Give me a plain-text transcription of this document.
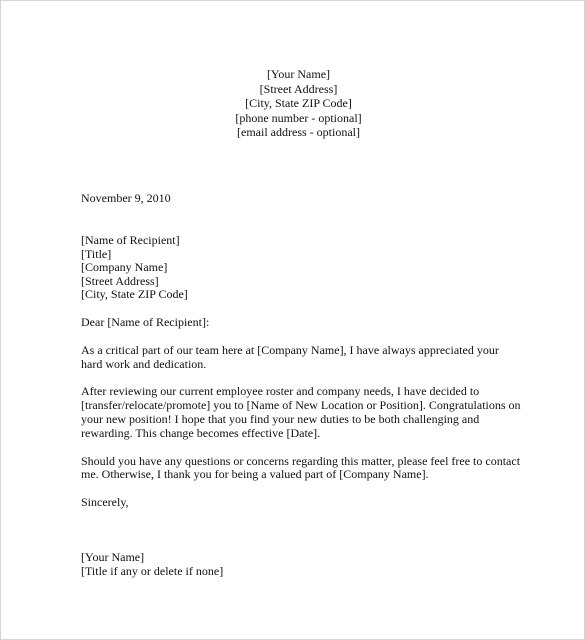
[Your Name]
[Street Address]
[City, State ZIP Code]
[phone number - optional]
[email address - optional]
November 9, 2010
[Name of Recipient]
[Title]
[Company Name]
[Street Address]
[City, State ZIP Code]

Dear [Name of Recipient]:

As a critical part of our team here at [Company Name], I have always appreciated your hard work and dedication.

After reviewing our current employee roster and company needs, I have decided to [transfer/relocate/promote] you to [Name of New Location or Position]. Congratulations on your new position! I hope that you find your new duties to be both challenging and rewarding. This change becomes effective [Date].

Should you have any questions or concerns regarding this matter, please feel free to contact me. Otherwise, I thank you for being a valued part of [Company Name].

Sincerely,

[Your Name]
[Title if any or delete if none]
